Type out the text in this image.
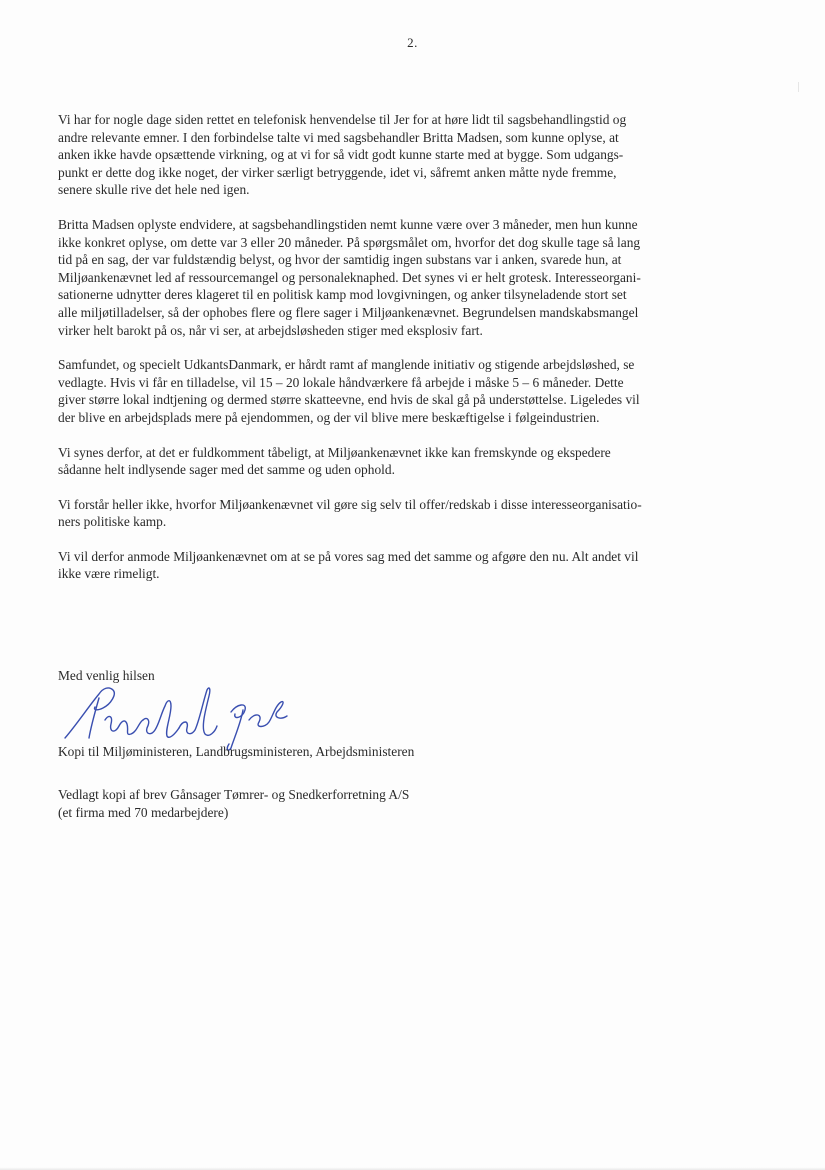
2.

Vi har for nogle dage siden rettet en telefonisk henvendelse til Jer for at høre lidt til sagsbehandlingstid og
andre relevante emner. I den forbindelse talte vi med sagsbehandler Britta Madsen, som kunne oplyse, at
anken ikke havde opsættende virkning, og at vi for så vidt godt kunne starte med at bygge. Som udgangs-
punkt er dette dog ikke noget, der virker særligt betryggende, idet vi, såfremt anken måtte nyde fremme,
senere skulle rive det hele ned igen.

Britta Madsen oplyste endvidere, at sagsbehandlingstiden nemt kunne være over 3 måneder, men hun kunne
ikke konkret oplyse, om dette var 3 eller 20 måneder. På spørgsmålet om, hvorfor det dog skulle tage så lang
tid på en sag, der var fuldstændig belyst, og hvor der samtidig ingen substans var i anken, svarede hun, at
Miljøankenævnet led af ressourcemangel og personaleknaphed. Det synes vi er helt grotesk. Interesseorgani-
sationerne udnytter deres klageret til en politisk kamp mod lovgivningen, og anker tilsyneladende stort set
alle miljøtilladelser, så der ophobes flere og flere sager i Miljøankenævnet. Begrundelsen mandskabsmangel
virker helt barokt på os, når vi ser, at arbejdsløsheden stiger med eksplosiv fart.

Samfundet, og specielt UdkantsDanmark, er hårdt ramt af manglende initiativ og stigende arbejdsløshed, se
vedlagte. Hvis vi får en tilladelse, vil 15 – 20 lokale håndværkere få arbejde i måske 5 – 6 måneder. Dette
giver større lokal indtjening og dermed større skatteevne, end hvis de skal gå på understøttelse. Ligeledes vil
der blive en arbejdsplads mere på ejendommen, og der vil blive mere beskæftigelse i følgeindustrien.

Vi synes derfor, at det er fuldkomment tåbeligt, at Miljøankenævnet ikke kan fremskynde og ekspedere
sådanne helt indlysende sager med det samme og uden ophold.

Vi forstår heller ikke, hvorfor Miljøankenævnet vil gøre sig selv til offer/redskab i disse interesseorganisatio-
ners politiske kamp.

Vi vil derfor anmode Miljøankenævnet om at se på vores sag med det samme og afgøre den nu. Alt andet vil
ikke være rimeligt.

Med venlig hilsen
Kopi til Miljøministeren, Landbrugsministeren, Arbejdsministeren
Vedlagt kopi af brev Gånsager Tømrer- og Snedkerforretning A/S
(et firma med 70 medarbejdere)
